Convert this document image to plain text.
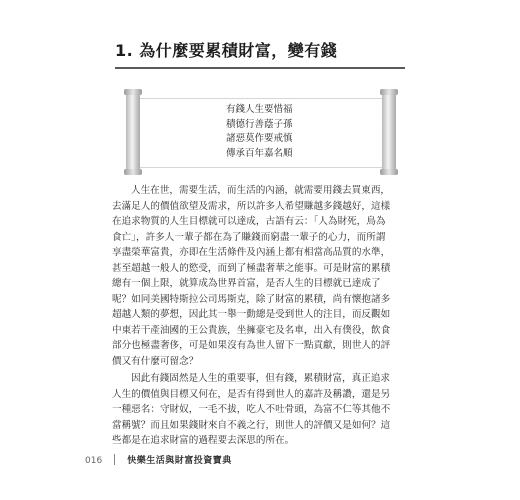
1. 為什麼要累積財富，變有錢
有錢人生要惜福
積德行善蔭子孫
諸惡莫作要戒慎
傳承百年嘉名順
人生在世，需要生活，而生活的內涵，就需要用錢去買東西，
去滿足人的價值欲望及需求，所以許多人希望賺越多錢越好，這樣
在追求物質的人生目標就可以達成，古語有云：「人為財死，鳥為
食亡」，許多人一輩子都在為了賺錢而窮盡一輩子的心力，而所謂
享盡榮華富貴，亦即在生活條件及內涵上都有相當高品質的水準，
甚至超越一般人的慾受，而到了極盡奢華之能事。可是財富的累積
總有一個上限，就算成為世界首富，是否人生的目標就已達成了
呢？如同美國特斯拉公司馬斯克，除了財富的累積，尚有懷抱諸多
超越人類的夢想，因此其一舉一動總是受到世人的注目，而反觀如
中東若干產油國的王公貴族，坐擁豪宅及名車，出入有僕役，飲食
部分也極盡奢侈，可是如果沒有為世人留下一點貢獻，則世人的評
價又有什麼可留念？
因此有錢固然是人生的重要事，但有錢，累積財富，真正追求
人生的價值與目標又何在，是否有得到世人的嘉許及稱讚，還是另
一種惡名：守財奴，一毛不拔，吃人不吐骨頭，為富不仁等其他不
當稱號？而且如果錢財來自不義之行，則世人的評價又是如何？這
些都是在追求財富的過程要去深思的所在。
016	快樂生活與財富投資寶典
